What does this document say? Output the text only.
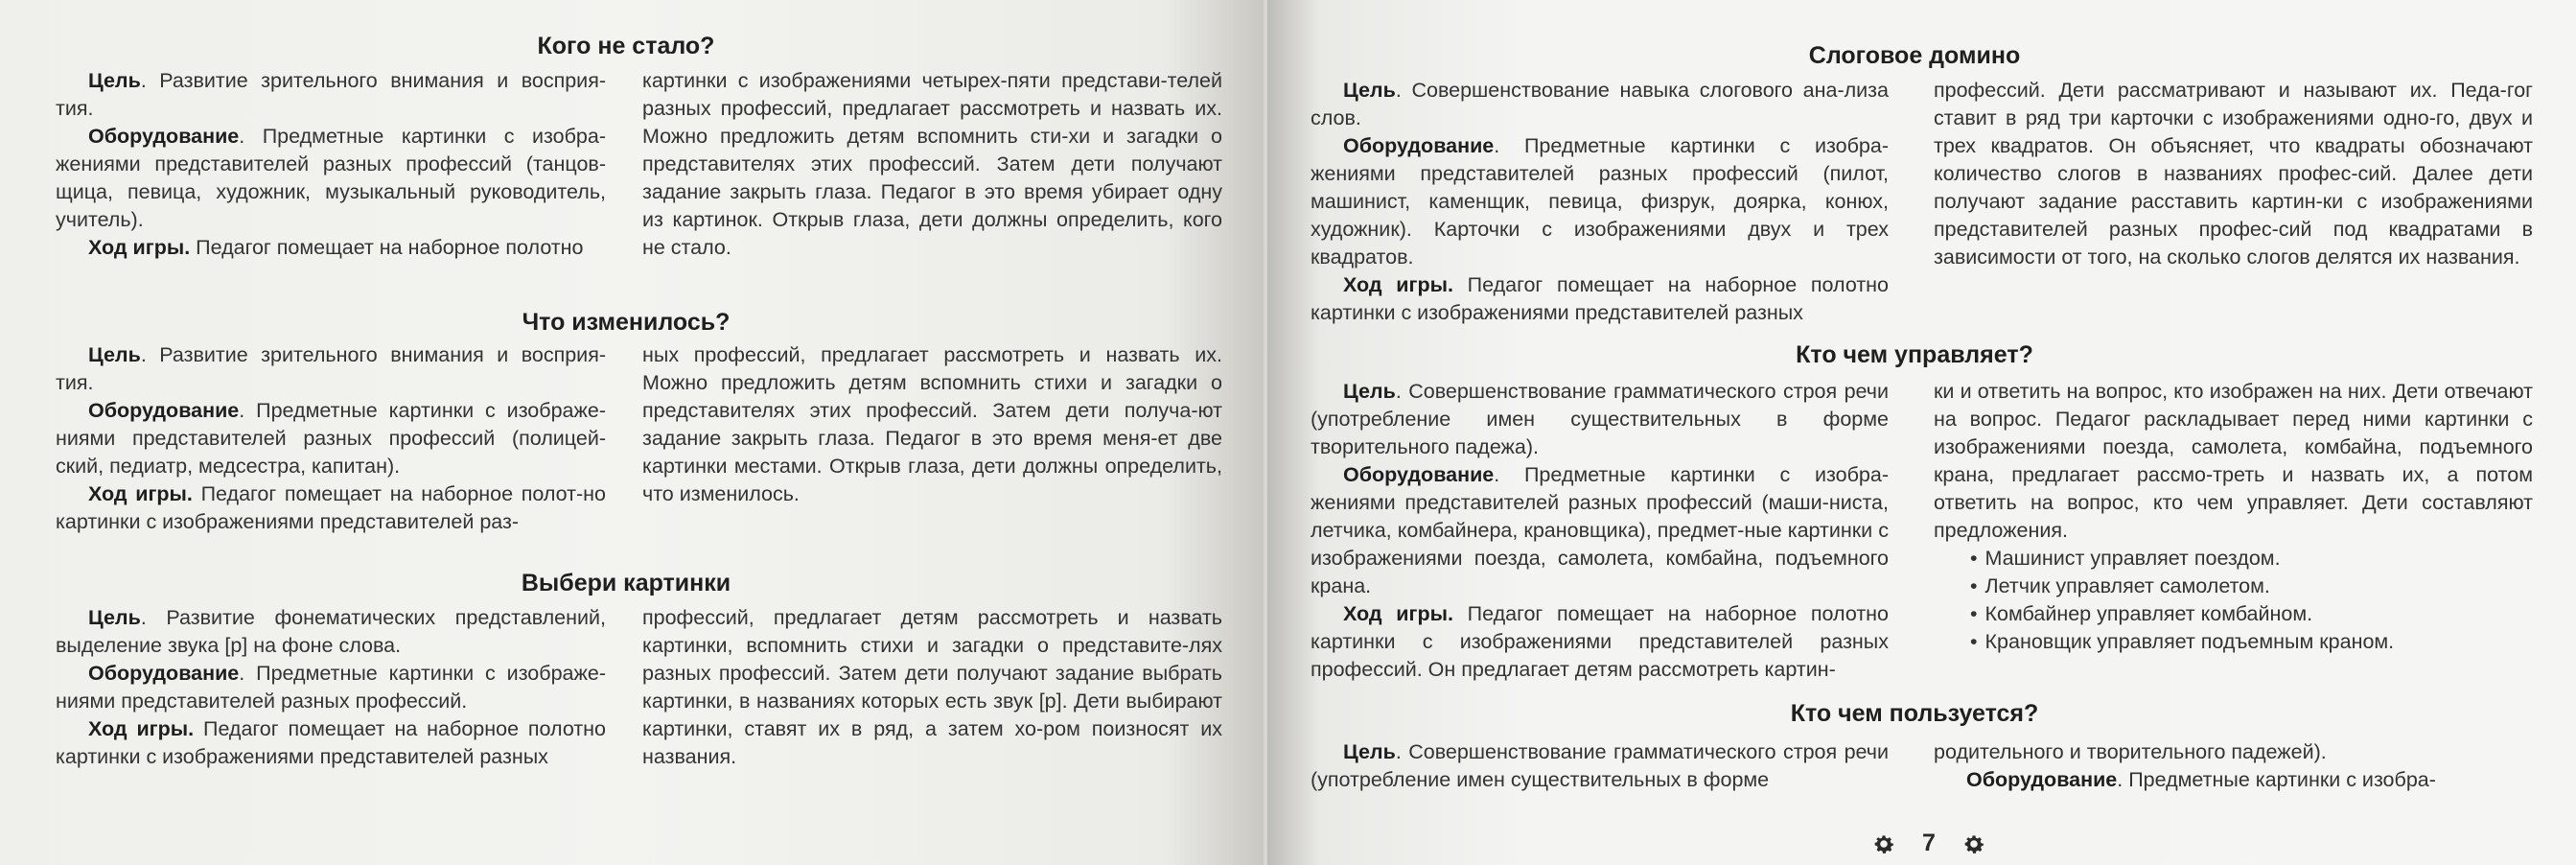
Кого не стало?

Цель. Развитие зрительного внимания и восприя-тия.

Оборудование. Предметные картинки с изобра-жениями представителей разных профессий (танцов-щица, певица, художник, музыкальный руководитель, учитель).

Ход игры. Педагог помещает на наборное полотно

картинки с изображениями четырех-пяти представи-телей разных профессий, предлагает рассмотреть и назвать их. Можно предложить детям вспомнить сти-хи и загадки о представителях этих профессий. Затем дети получают задание закрыть глаза. Педагог в это время убирает одну из картинок. Открыв глаза, дети должны определить, кого не стало.

Что изменилось?

Цель. Развитие зрительного внимания и восприя-тия.

Оборудование. Предметные картинки с изображе-ниями представителей разных профессий (полицей-ский, педиатр, медсестра, капитан).

Ход игры. Педагог помещает на наборное полот-но картинки с изображениями представителей раз-

ных профессий, предлагает рассмотреть и назвать их. Можно предложить детям вспомнить стихи и загадки о представителях этих профессий. Затем дети получа-ют задание закрыть глаза. Педагог в это время меня-ет две картинки местами. Открыв глаза, дети должны определить, что изменилось.

Выбери картинки

Цель. Развитие фонематических представлений, выделение звука [р] на фоне слова.

Оборудование. Предметные картинки с изображе-ниями представителей разных профессий.

Ход игры. Педагог помещает на наборное полотно картинки с изображениями представителей разных

профессий, предлагает детям рассмотреть и назвать картинки, вспомнить стихи и загадки о представите-лях разных профессий. Затем дети получают задание выбрать картинки, в названиях которых есть звук [р]. Дети выбирают картинки, ставят их в ряд, а затем хо-ром поизносят их названия.

Слоговое домино

Цель. Совершенствование навыка слогового ана-лиза слов.

Оборудование. Предметные картинки с изобра-жениями представителей разных профессий (пилот, машинист, каменщик, певица, физрук, доярка, конюх, художник). Карточки с изображениями двух и трех квадратов.

Ход игры. Педагог помещает на наборное полотно картинки с изображениями представителей разных

профессий. Дети рассматривают и называют их. Педа-гог ставит в ряд три карточки с изображениями одно-го, двух и трех квадратов. Он объясняет, что квадраты обозначают количество слогов в названиях профес-сий. Далее дети получают задание расставить картин-ки с изображениями представителей разных профес-сий под квадратами в зависимости от того, на сколько слогов делятся их названия.

Кто чем управляет?

Цель. Совершенствование грамматического строя речи (употребление имен существительных в форме творительного падежа).

Оборудование. Предметные картинки с изобра-жениями представителей разных профессий (маши-ниста, летчика, комбайнера, крановщика), предмет-ные картинки с изображениями поезда, самолета, комбайна, подъемного крана.

Ход игры. Педагог помещает на наборное полотно картинки с изображениями представителей разных профессий. Он предлагает детям рассмотреть картин-

ки и ответить на вопрос, кто изображен на них. Дети отвечают на вопрос. Педагог раскладывает перед ними картинки с изображениями поезда, самолета, комбайна, подъемного крана, предлагает рассмо-треть и назвать их, а потом ответить на вопрос, кто чем управляет. Дети составляют предложения.

• Машинист управляет поездом.
• Летчик управляет самолетом.
• Комбайнер управляет комбайном.
• Крановщик управляет подъемным краном.
Кто чем пользуется?

Цель. Совершенствование грамматического строя речи (употребление имен существительных в форме

родительного и творительного падежей).

Оборудование. Предметные картинки с изобра-

7
